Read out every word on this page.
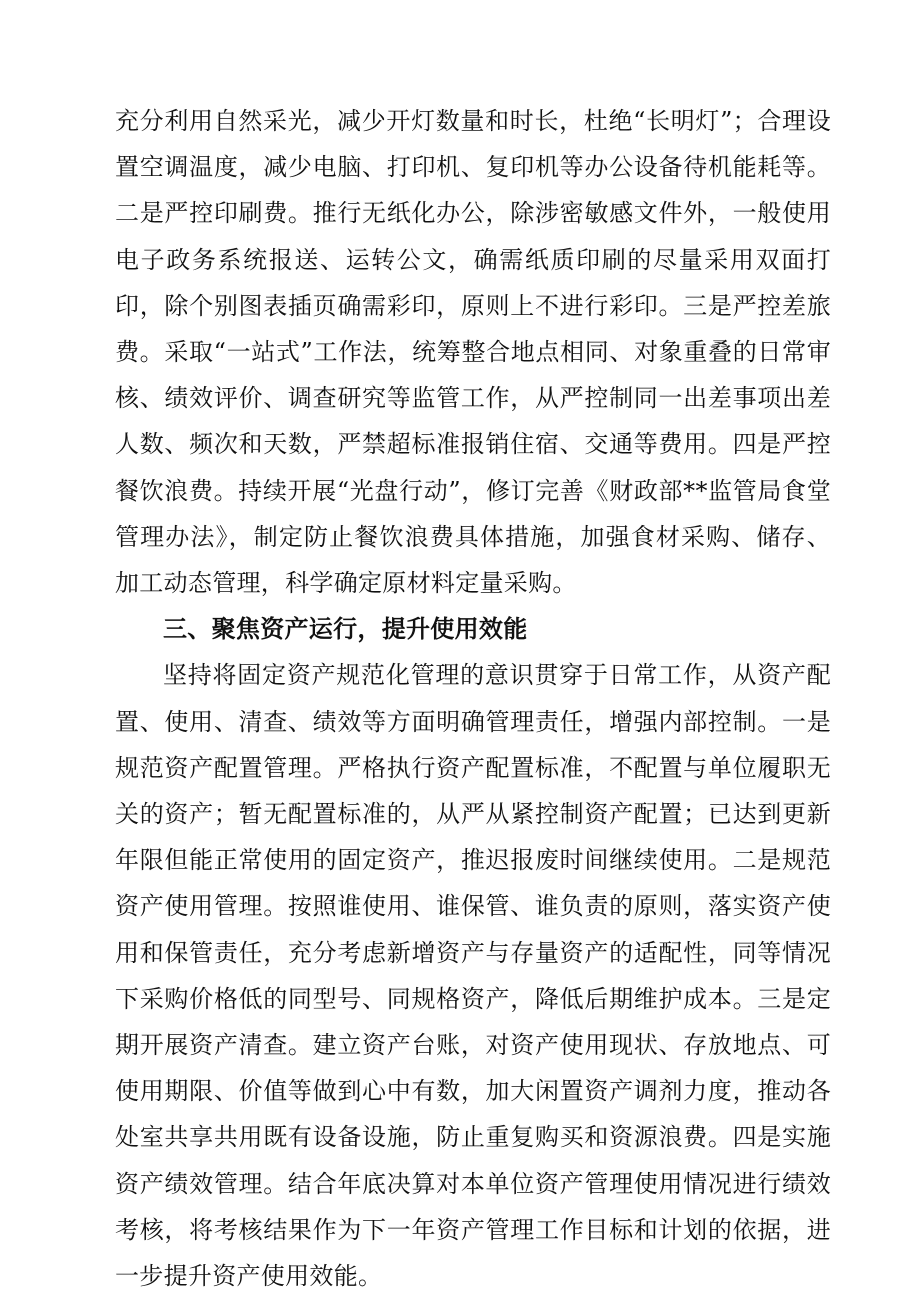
充分利用自然采光，减少开灯数量和时长，杜绝“长明灯”；合理设置空调温度，减少电脑、打印机、复印机等办公设备待机能耗等。二是严控印刷费。推行无纸化办公，除涉密敏感文件外，一般使用电子政务系统报送、运转公文，确需纸质印刷的尽量采用双面打印，除个别图表插页确需彩印，原则上不进行彩印。三是严控差旅费。采取“一站式”工作法，统筹整合地点相同、对象重叠的日常审核、绩效评价、调查研究等监管工作，从严控制同一出差事项出差人数、频次和天数，严禁超标准报销住宿、交通等费用。四是严控餐饮浪费。持续开展“光盘行动”，修订完善《财政部**监管局食堂管理办法》，制定防止餐饮浪费具体措施，加强食材采购、储存、加工动态管理，科学确定原材料定量采购。

三、聚焦资产运行，提升使用效能

坚持将固定资产规范化管理的意识贯穿于日常工作，从资产配置、使用、清查、绩效等方面明确管理责任，增强内部控制。一是规范资产配置管理。严格执行资产配置标准，不配置与单位履职无关的资产；暂无配置标准的，从严从紧控制资产配置；已达到更新年限但能正常使用的固定资产，推迟报废时间继续使用。二是规范资产使用管理。按照谁使用、谁保管、谁负责的原则，落实资产使用和保管责任，充分考虑新增资产与存量资产的适配性，同等情况下采购价格低的同型号、同规格资产，降低后期维护成本。三是定期开展资产清查。建立资产台账，对资产使用现状、存放地点、可使用期限、价值等做到心中有数，加大闲置资产调剂力度，推动各处室共享共用既有设备设施，防止重复购买和资源浪费。四是实施资产绩效管理。结合年底决算对本单位资产管理使用情况进行绩效考核，将考核结果作为下一年资产管理工作目标和计划的依据，进一步提升资产使用效能。
